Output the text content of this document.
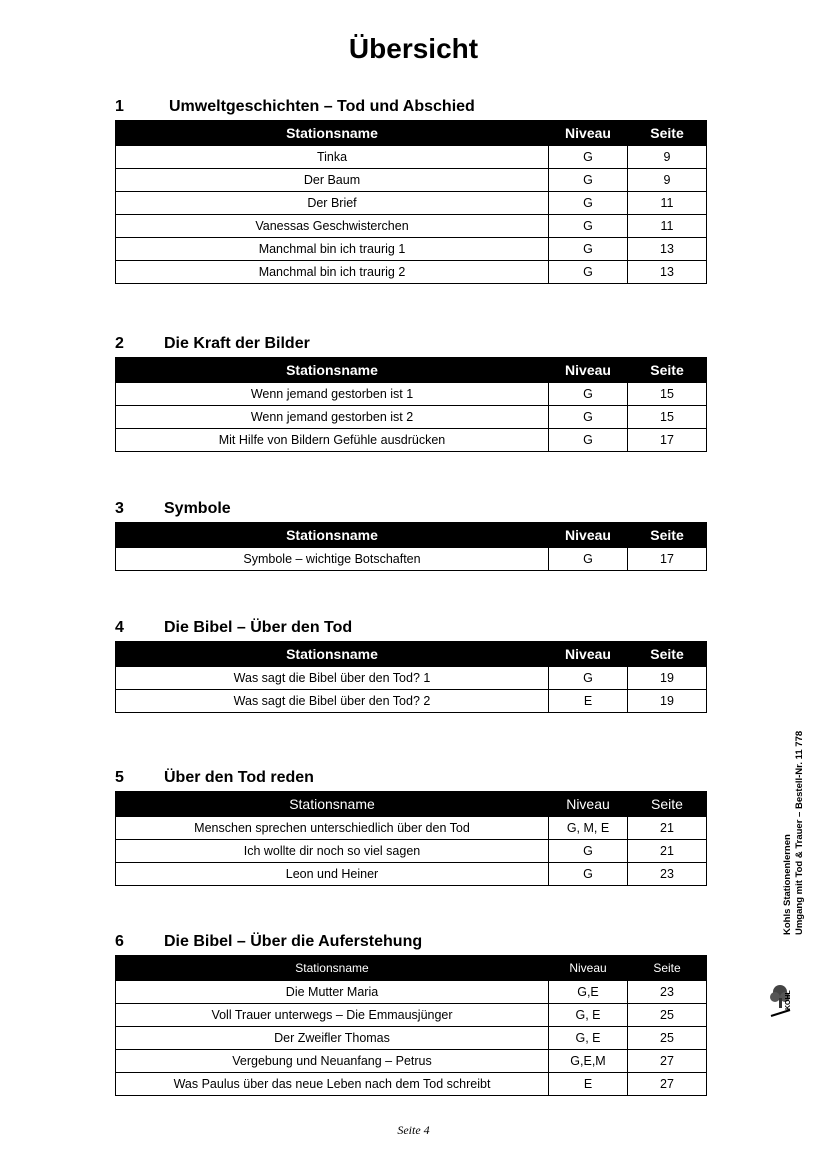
Übersicht
1	Umweltgeschichten – Tod und Abschied
Stationsname	Niveau	Seite
Tinka	G	9
Der Baum	G	9
Der Brief	G	11
Vanessas Geschwisterchen	G	11
Manchmal bin ich traurig 1	G	13
Manchmal bin ich traurig 2	G	13
2	Die Kraft der Bilder
Stationsname	Niveau	Seite
Wenn jemand gestorben ist 1	G	15
Wenn jemand gestorben ist 2	G	15
Mit Hilfe von Bildern Gefühle ausdrücken	G	17
3	Symbole
Stationsname	Niveau	Seite
Symbole – wichtige Botschaften	G	17
4	Die Bibel – Über den Tod
Stationsname	Niveau	Seite
Was sagt die Bibel über den Tod? 1	G	19
Was sagt die Bibel über den Tod? 2	E	19
5	Über den Tod reden
Stationsname	Niveau	Seite
Menschen sprechen unterschiedlich über den Tod	G, M, E	21
Ich wollte dir noch so viel sagen	G	21
Leon und Heiner	G	23
6	Die Bibel – Über die Auferstehung
Stationsname	Niveau	Seite
Die Mutter Maria	G,E	23
Voll Trauer unterwegs – Die Emmausjünger	G, E	25
Der Zweifler Thomas	G, E	25
Vergebung und Neuanfang – Petrus	G,E,M	27
Was Paulus über das neue Leben nach dem Tod schreibt	E	27
Kohls Stationenlernen Umgang mit Tod & Trauer – Bestell-Nr. 11 778
KOHL
Seite 4
